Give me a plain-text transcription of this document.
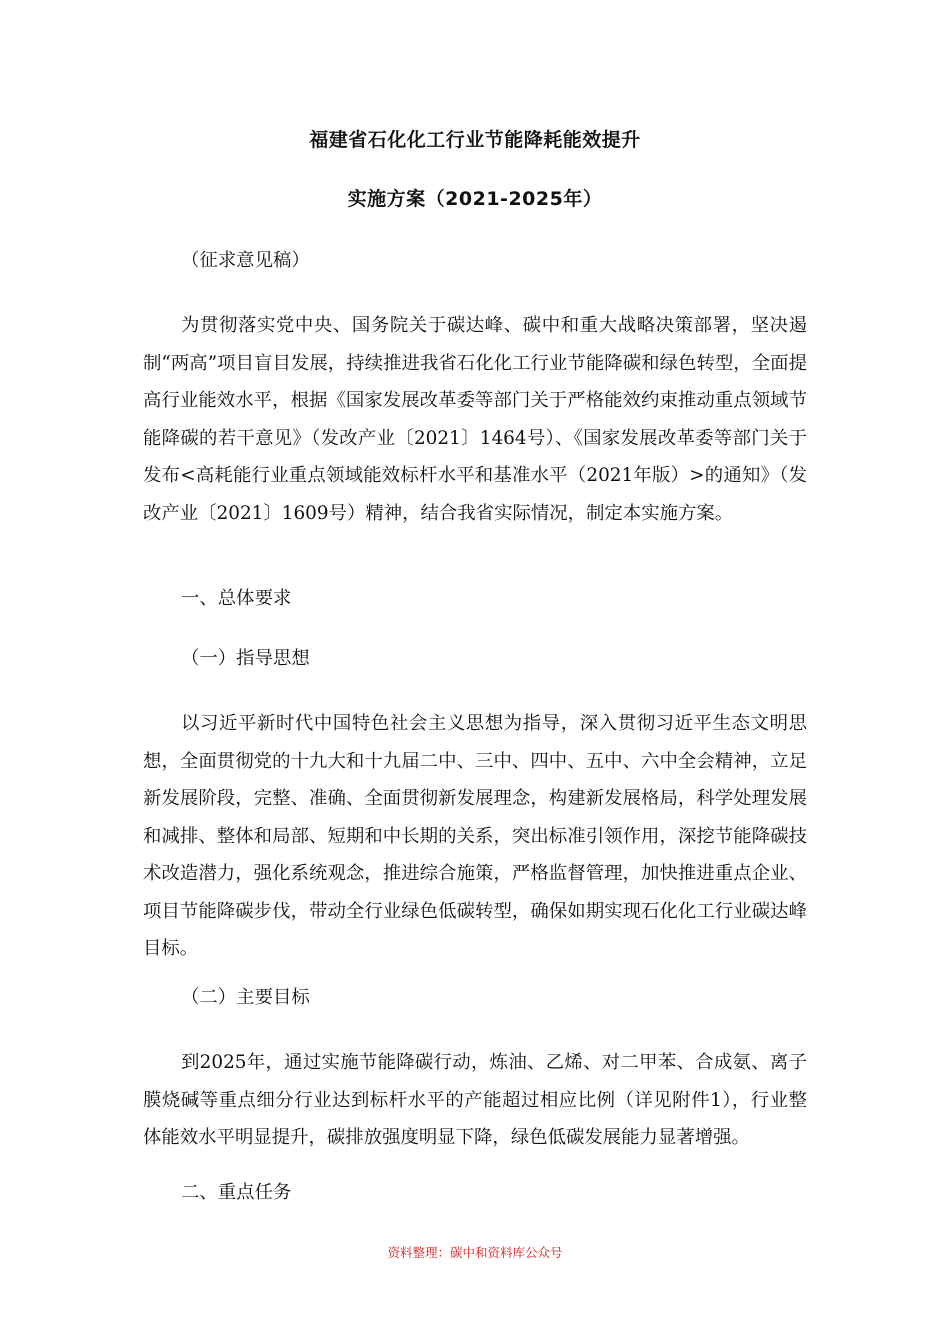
福建省石化化工行业节能降耗能效提升
实施方案（2021-2025年）
（征求意见稿）

为贯彻落实党中央、国务院关于碳达峰、碳中和重大战略决策部署，坚决遏制“两高”项目盲目发展，持续推进我省石化化工行业节能降碳和绿色转型，全面提高行业能效水平，根据《国家发展改革委等部门关于严格能效约束推动重点领域节能降碳的若干意见》（发改产业〔2021〕1464号）、《国家发展改革委等部门关于发布<高耗能行业重点领域能效标杆水平和基准水平（2021年版）>的通知》（发改产业〔2021〕1609号）精神，结合我省实际情况，制定本实施方案。

一、总体要求
（一）指导思想

以习近平新时代中国特色社会主义思想为指导，深入贯彻习近平生态文明思想，全面贯彻党的十九大和十九届二中、三中、四中、五中、六中全会精神，立足新发展阶段，完整、准确、全面贯彻新发展理念，构建新发展格局，科学处理发展和减排、整体和局部、短期和中长期的关系，突出标准引领作用，深挖节能降碳技术改造潜力，强化系统观念，推进综合施策，严格监督管理，加快推进重点企业、项目节能降碳步伐，带动全行业绿色低碳转型，确保如期实现石化化工行业碳达峰目标。

（二）主要目标

到2025年，通过实施节能降碳行动，炼油、乙烯、对二甲苯、合成氨、离子膜烧碱等重点细分行业达到标杆水平的产能超过相应比例（详见附件1），行业整体能效水平明显提升，碳排放强度明显下降，绿色低碳发展能力显著增强。

二、重点任务
资料整理：碳中和资料库公众号
